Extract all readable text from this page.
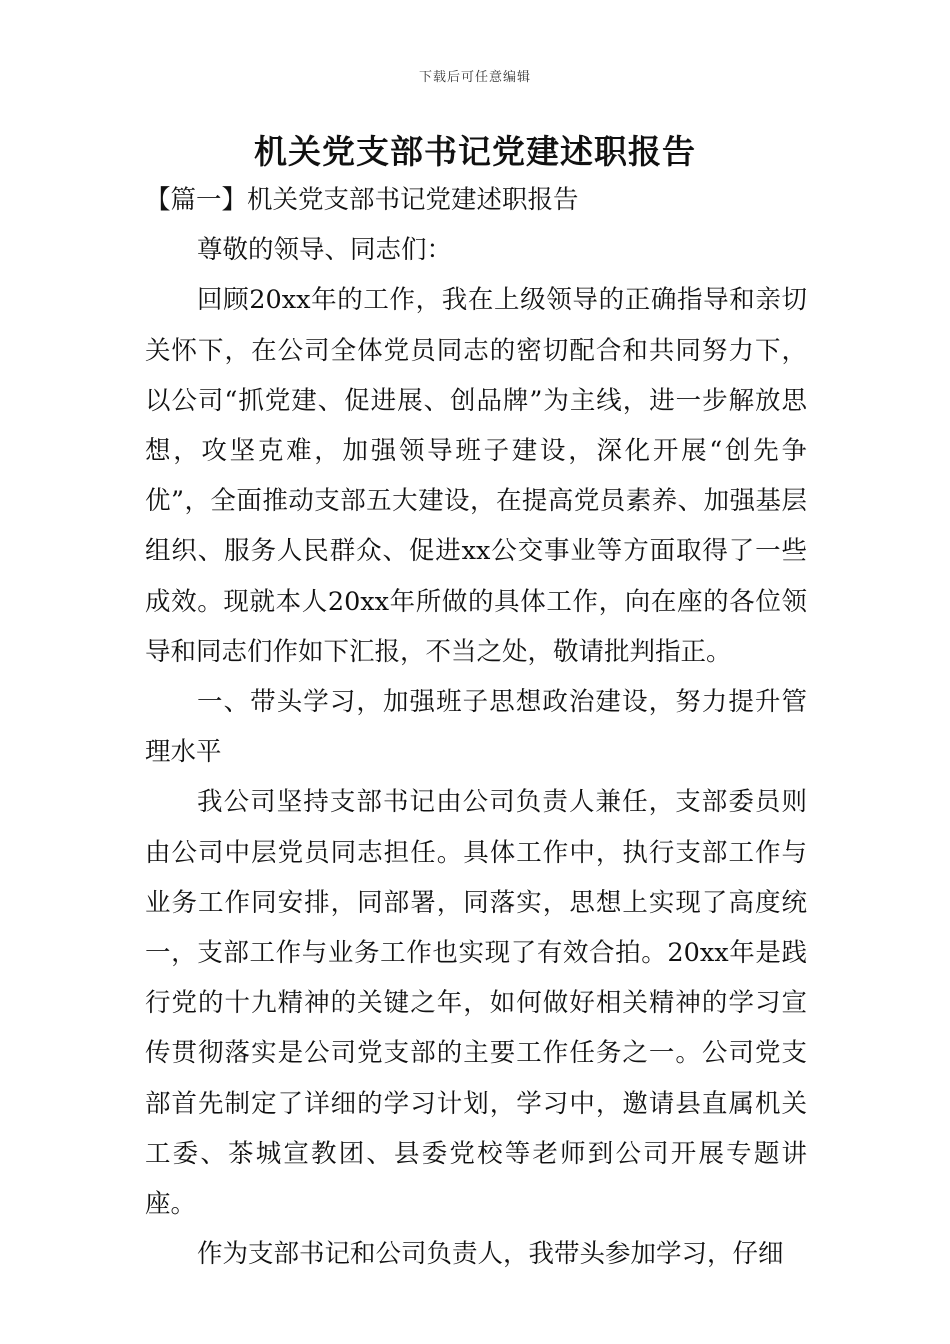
下载后可任意编辑
机关党支部书记党建述职报告

【篇一】机关党支部书记党建述职报告

尊敬的领导、同志们：

回顾20xx年的工作，我在上级领导的正确指导和亲切关怀下，在公司全体党员同志的密切配合和共同努力下，以公司“抓党建、促进展、创品牌”为主线，进一步解放思想，攻坚克难，加强领导班子建设，深化开展“创先争优”，全面推动支部五大建设，在提高党员素养、加强基层组织、服务人民群众、促进xx公交事业等方面取得了一些成效。现就本人20xx年所做的具体工作，向在座的各位领导和同志们作如下汇报，不当之处，敬请批判指正。

一、带头学习，加强班子思想政治建设，努力提升管理水平

我公司坚持支部书记由公司负责人兼任，支部委员则由公司中层党员同志担任。具体工作中，执行支部工作与业务工作同安排，同部署，同落实，思想上实现了高度统一，支部工作与业务工作也实现了有效合拍。20xx年是践行党的十九精神的关键之年，如何做好相关精神的学习宣传贯彻落实是公司党支部的主要工作任务之一。公司党支部首先制定了详细的学习计划，学习中，邀请县直属机关工委、茶城宣教团、县委党校等老师到公司开展专题讲座。

作为支部书记和公司负责人，我带头参加学习，仔细
